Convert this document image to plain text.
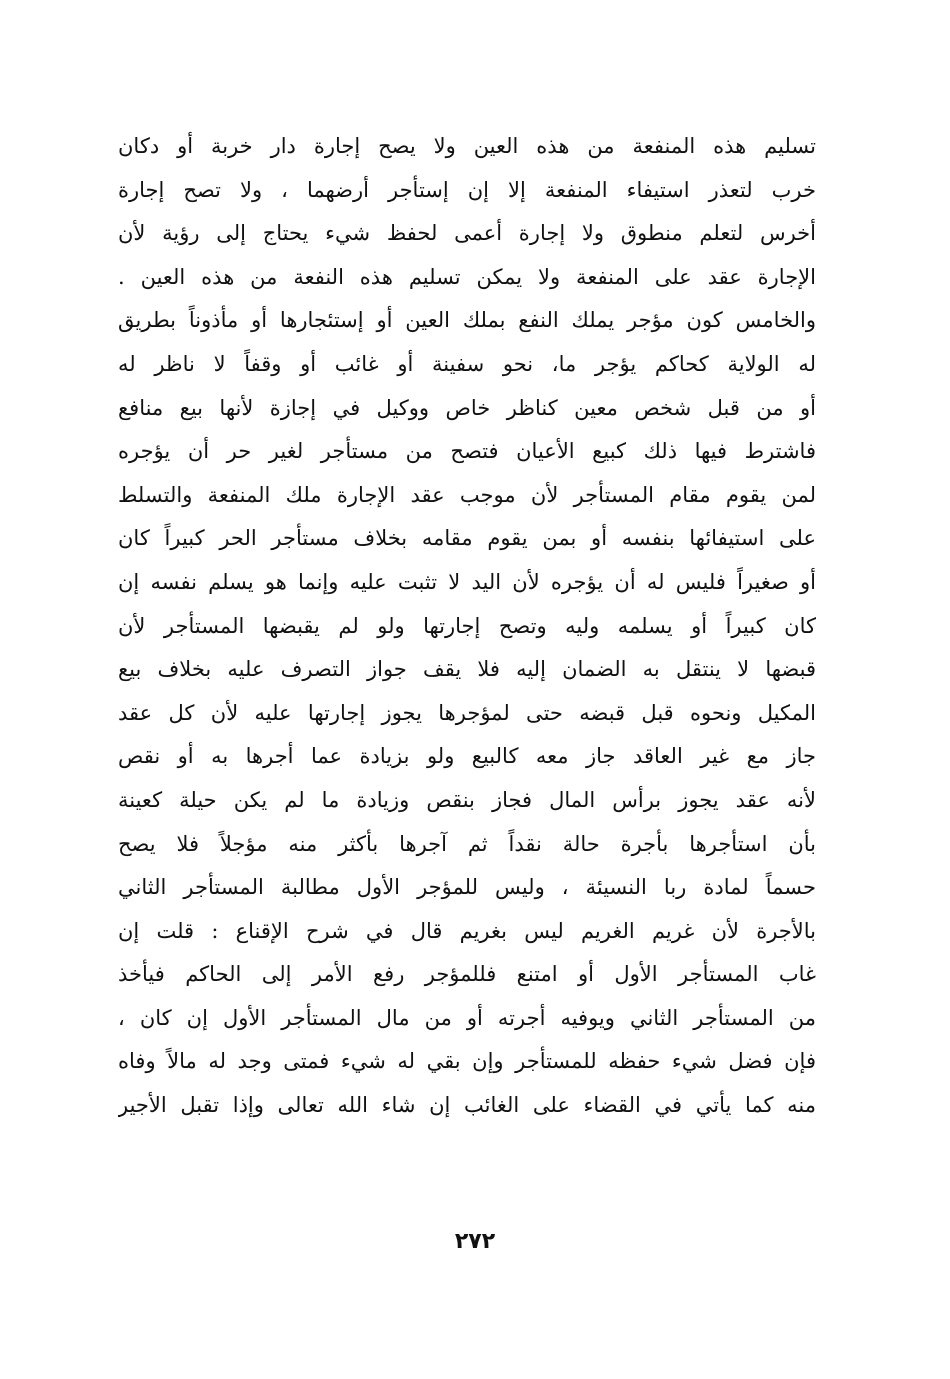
تسليم هذه المنفعة من هذه العين ولا يصح إجارة دار خربة أو دكان
خرب لتعذر استيفاء المنفعة إلا إن إستأجر أرضهما ، ولا تصح إجارة
أخرس لتعلم منطوق ولا إجارة أعمى لحفظ شيء يحتاج إلى رؤية لأن
الإجارة عقد على المنفعة ولا يمكن تسليم هذه النفعة من هذه العين .
والخامس كون مؤجر يملك النفع بملك العين أو إستئجارها أو مأذوناً بطريق
له الولاية كحاكم يؤجر ما، نحو سفينة أو غائب أو وقفاً لا ناظر له
أو من قبل شخص معين كناظر خاص ووكيل في إجازة لأنها بيع منافع
فاشترط فيها ذلك كبيع الأعيان فتصح من مستأجر لغير حر أن يؤجره
لمن يقوم مقام المستأجر لأن موجب عقد الإجارة ملك المنفعة والتسلط
على استيفائها بنفسه أو بمن يقوم مقامه بخلاف مستأجر الحر كبيراً كان
أو صغيراً فليس له أن يؤجره لأن اليد لا تثبت عليه وإنما هو يسلم نفسه إن
كان كبيراً أو يسلمه وليه وتصح إجارتها ولو لم يقبضها المستأجر لأن
قبضها لا ينتقل به الضمان إليه فلا يقف جواز التصرف عليه بخلاف بيع
المكيل ونحوه قبل قبضه حتى لمؤجرها يجوز إجارتها عليه لأن كل عقد
جاز مع غير العاقد جاز معه كالبيع ولو بزيادة عما أجرها به أو نقص
لأنه عقد يجوز برأس المال فجاز بنقص وزيادة ما لم يكن حيلة كعينة
بأن استأجرها بأجرة حالة نقداً ثم آجرها بأكثر منه مؤجلاً فلا يصح
حسماً لمادة ربا النسيئة ، وليس للمؤجر الأول مطالبة المستأجر الثاني
بالأجرة لأن غريم الغريم ليس بغريم قال في شرح الإقناع : قلت إن
غاب المستأجر الأول أو امتنع فللمؤجر رفع الأمر إلى الحاكم فيأخذ
من المستأجر الثاني ويوفيه أجرته أو من مال المستأجر الأول إن كان ،
فإن فضل شيء حفظه للمستأجر وإن بقي له شيء فمتى وجد له مالاً وفاه
منه كما يأتي في القضاء على الغائب إن شاء الله تعالى وإذا تقبل الأجير
٢٧٢
